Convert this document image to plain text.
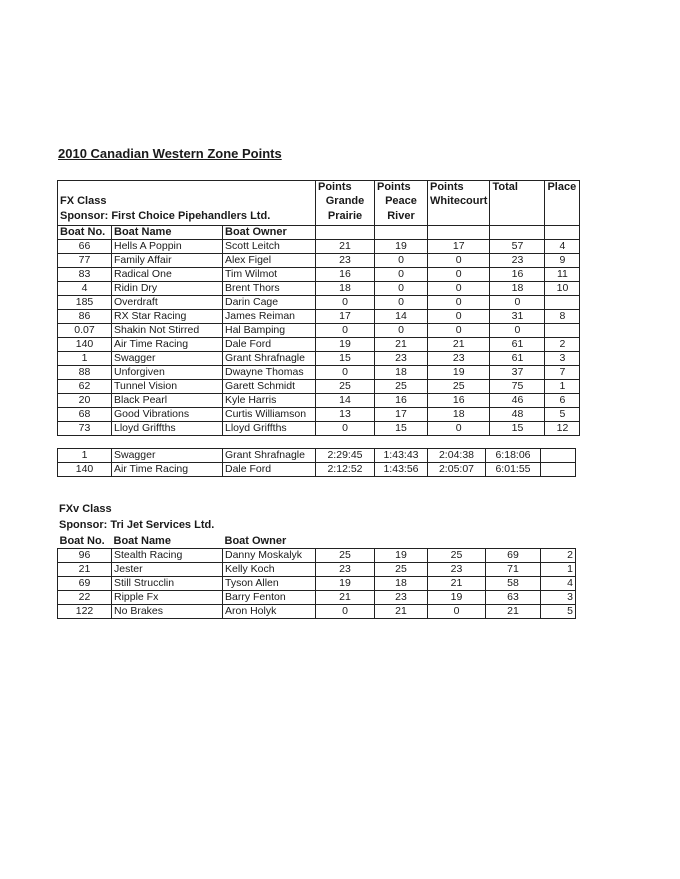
2010 Canadian Western Zone Points
			Points	Points	Points	Total	Place
FX Class			Grande	Peace	Whitecourt		
Sponsor: First Choice Pipehandlers Ltd.			Prairie	River			
Boat No.	Boat Name	Boat Owner					
66	Hells A Poppin	Scott Leitch	21	19	17	57	4
77	Family Affair	Alex Figel	23	0	0	23	9
83	Radical One	Tim Wilmot	16	0	0	16	11
4	Ridin Dry	Brent Thors	18	0	0	18	10
185	Overdraft	Darin Cage	0	0	0	0	
86	RX Star Racing	James Reiman	17	14	0	31	8
0.07	Shakin Not Stirred	Hal Bamping	0	0	0	0	
140	Air Time Racing	Dale Ford	19	21	21	61	2
1	Swagger	Grant Shrafnagle	15	23	23	61	3
88	Unforgiven	Dwayne Thomas	0	18	19	37	7
62	Tunnel Vision	Garett Schmidt	25	25	25	75	1
20	Black Pearl	Kyle Harris	14	16	16	46	6
68	Good Vibrations	Curtis Williamson	13	17	18	48	5
73	Lloyd Griffths	Lloyd Griffths	0	15	0	15	12
1	Swagger	Grant Shrafnagle	2:29:45	1:43:43	2:04:38	6:18:06	
140	Air Time Racing	Dale Ford	2:12:52	1:43:56	2:05:07	6:01:55	
FXv Class
Sponsor: Tri Jet Services Ltd.
Boat No.	Boat Name	Boat Owner					
96	Stealth Racing	Danny Moskalyk	25	19	25	69	2
21	Jester	Kelly Koch	23	25	23	71	1
69	Still Strucclin	Tyson Allen	19	18	21	58	4
22	Ripple Fx	Barry Fenton	21	23	19	63	3
122	No Brakes	Aron Holyk	0	21	0	21	5
